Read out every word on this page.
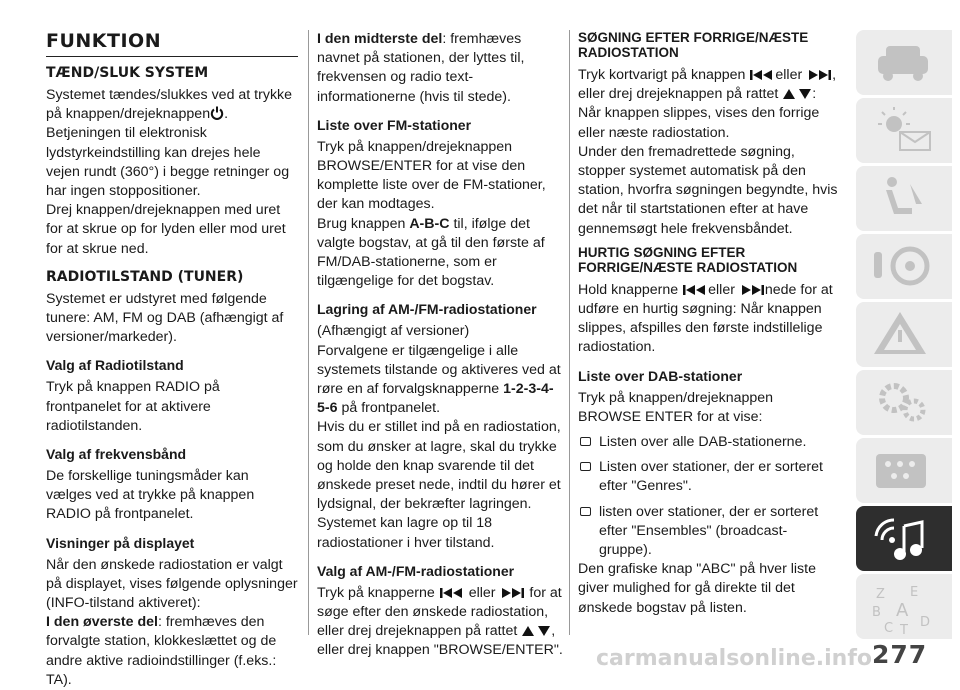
FUNKTION
TÆND/SLUK SYSTEM

Systemet tændes/slukkes ved at trykke på knappen/drejeknappen .

Betjeningen til elektronisk lydstyrkeindstilling kan drejes hele vejen rundt (360°) i begge retninger og har ingen stoppositioner.

Drej knappen/drejeknappen med uret for at skrue op for lyden eller mod uret for at skrue ned.

RADIOTILSTAND (TUNER)

Systemet er udstyret med følgende tunere: AM, FM og DAB (afhængigt af versioner/markeder).

Valg af Radiotilstand

Tryk på knappen RADIO på frontpanelet for at aktivere radiotilstanden.

Valg af frekvensbånd

De forskellige tuningsmåder kan vælges ved at trykke på knappen RADIO på frontpanelet.

Visninger på displayet

Når den ønskede radiostation er valgt på displayet, vises følgende oplysninger (INFO-tilstand aktiveret):

I den øverste del: fremhæves den forvalgte station, klokkeslættet og de andre aktive radioindstillinger (f.eks.: TA).

I den midterste del: fremhæves navnet på stationen, der lyttes til, frekvensen og radio text-informationerne (hvis til stede).

Liste over FM-stationer

Tryk på knappen/drejeknappen BROWSE/ENTER for at vise den komplette liste over de FM-stationer, der kan modtages.

Brug knappen A-B-C til, ifølge det valgte bogstav, at gå til den første af FM/DAB-stationerne, som er tilgængelige for det bogstav.

Lagring af AM-/FM-radiostationer

(Afhængigt af versioner)

Forvalgene er tilgængelige i alle systemets tilstande og aktiveres ved at røre en af forvalgsknapperne 1-2-3-4-5-6 på frontpanelet.

Hvis du er stillet ind på en radiostation, som du ønsker at lagre, skal du trykke og holde den knap svarende til det ønskede preset nede, indtil du hører et lydsignal, der bekræfter lagringen.

Systemet kan lagre op til 18 radiostationer i hver tilstand.

Valg af AM-/FM-radiostationer

Tryk på knapperne eller for at søge efter den ønskede radiostation, eller drej drejeknappen på rattet , eller drej knappen "BROWSE/ENTER".

SØGNING EFTER FORRIGE/NÆSTE RADIOSTATION

Tryk kortvarigt på knappen eller , eller drej drejeknappen på rattet : Når knappen slippes, vises den forrige eller næste radiostation.

Under den fremadrettede søgning, stopper systemet automatisk på den station, hvorfra søgningen begyndte, hvis det når til startstationen efter at have gennemsøgt hele frekvensbåndet.

HURTIG SØGNING EFTER FORRIGE/NÆSTE RADIOSTATION

Hold knapperne eller nede for at udføre en hurtig søgning: Når knappen slippes, afspilles den første indstillelige radiostation.

Liste over DAB-stationer

Tryk på knappen/drejeknappen BROWSE ENTER for at vise:

Listen over alle DAB-stationerne.

Listen over stationer, der er sorteret efter "Genres".

listen over stationer, der er sorteret efter "Ensembles" (broadcast-gruppe).

Den grafiske knap "ABC" på hver liste giver mulighed for gå direkte til det ønskede bogstav på listen.

Z E
B A
C T
D
carmanualsonline.info 277
